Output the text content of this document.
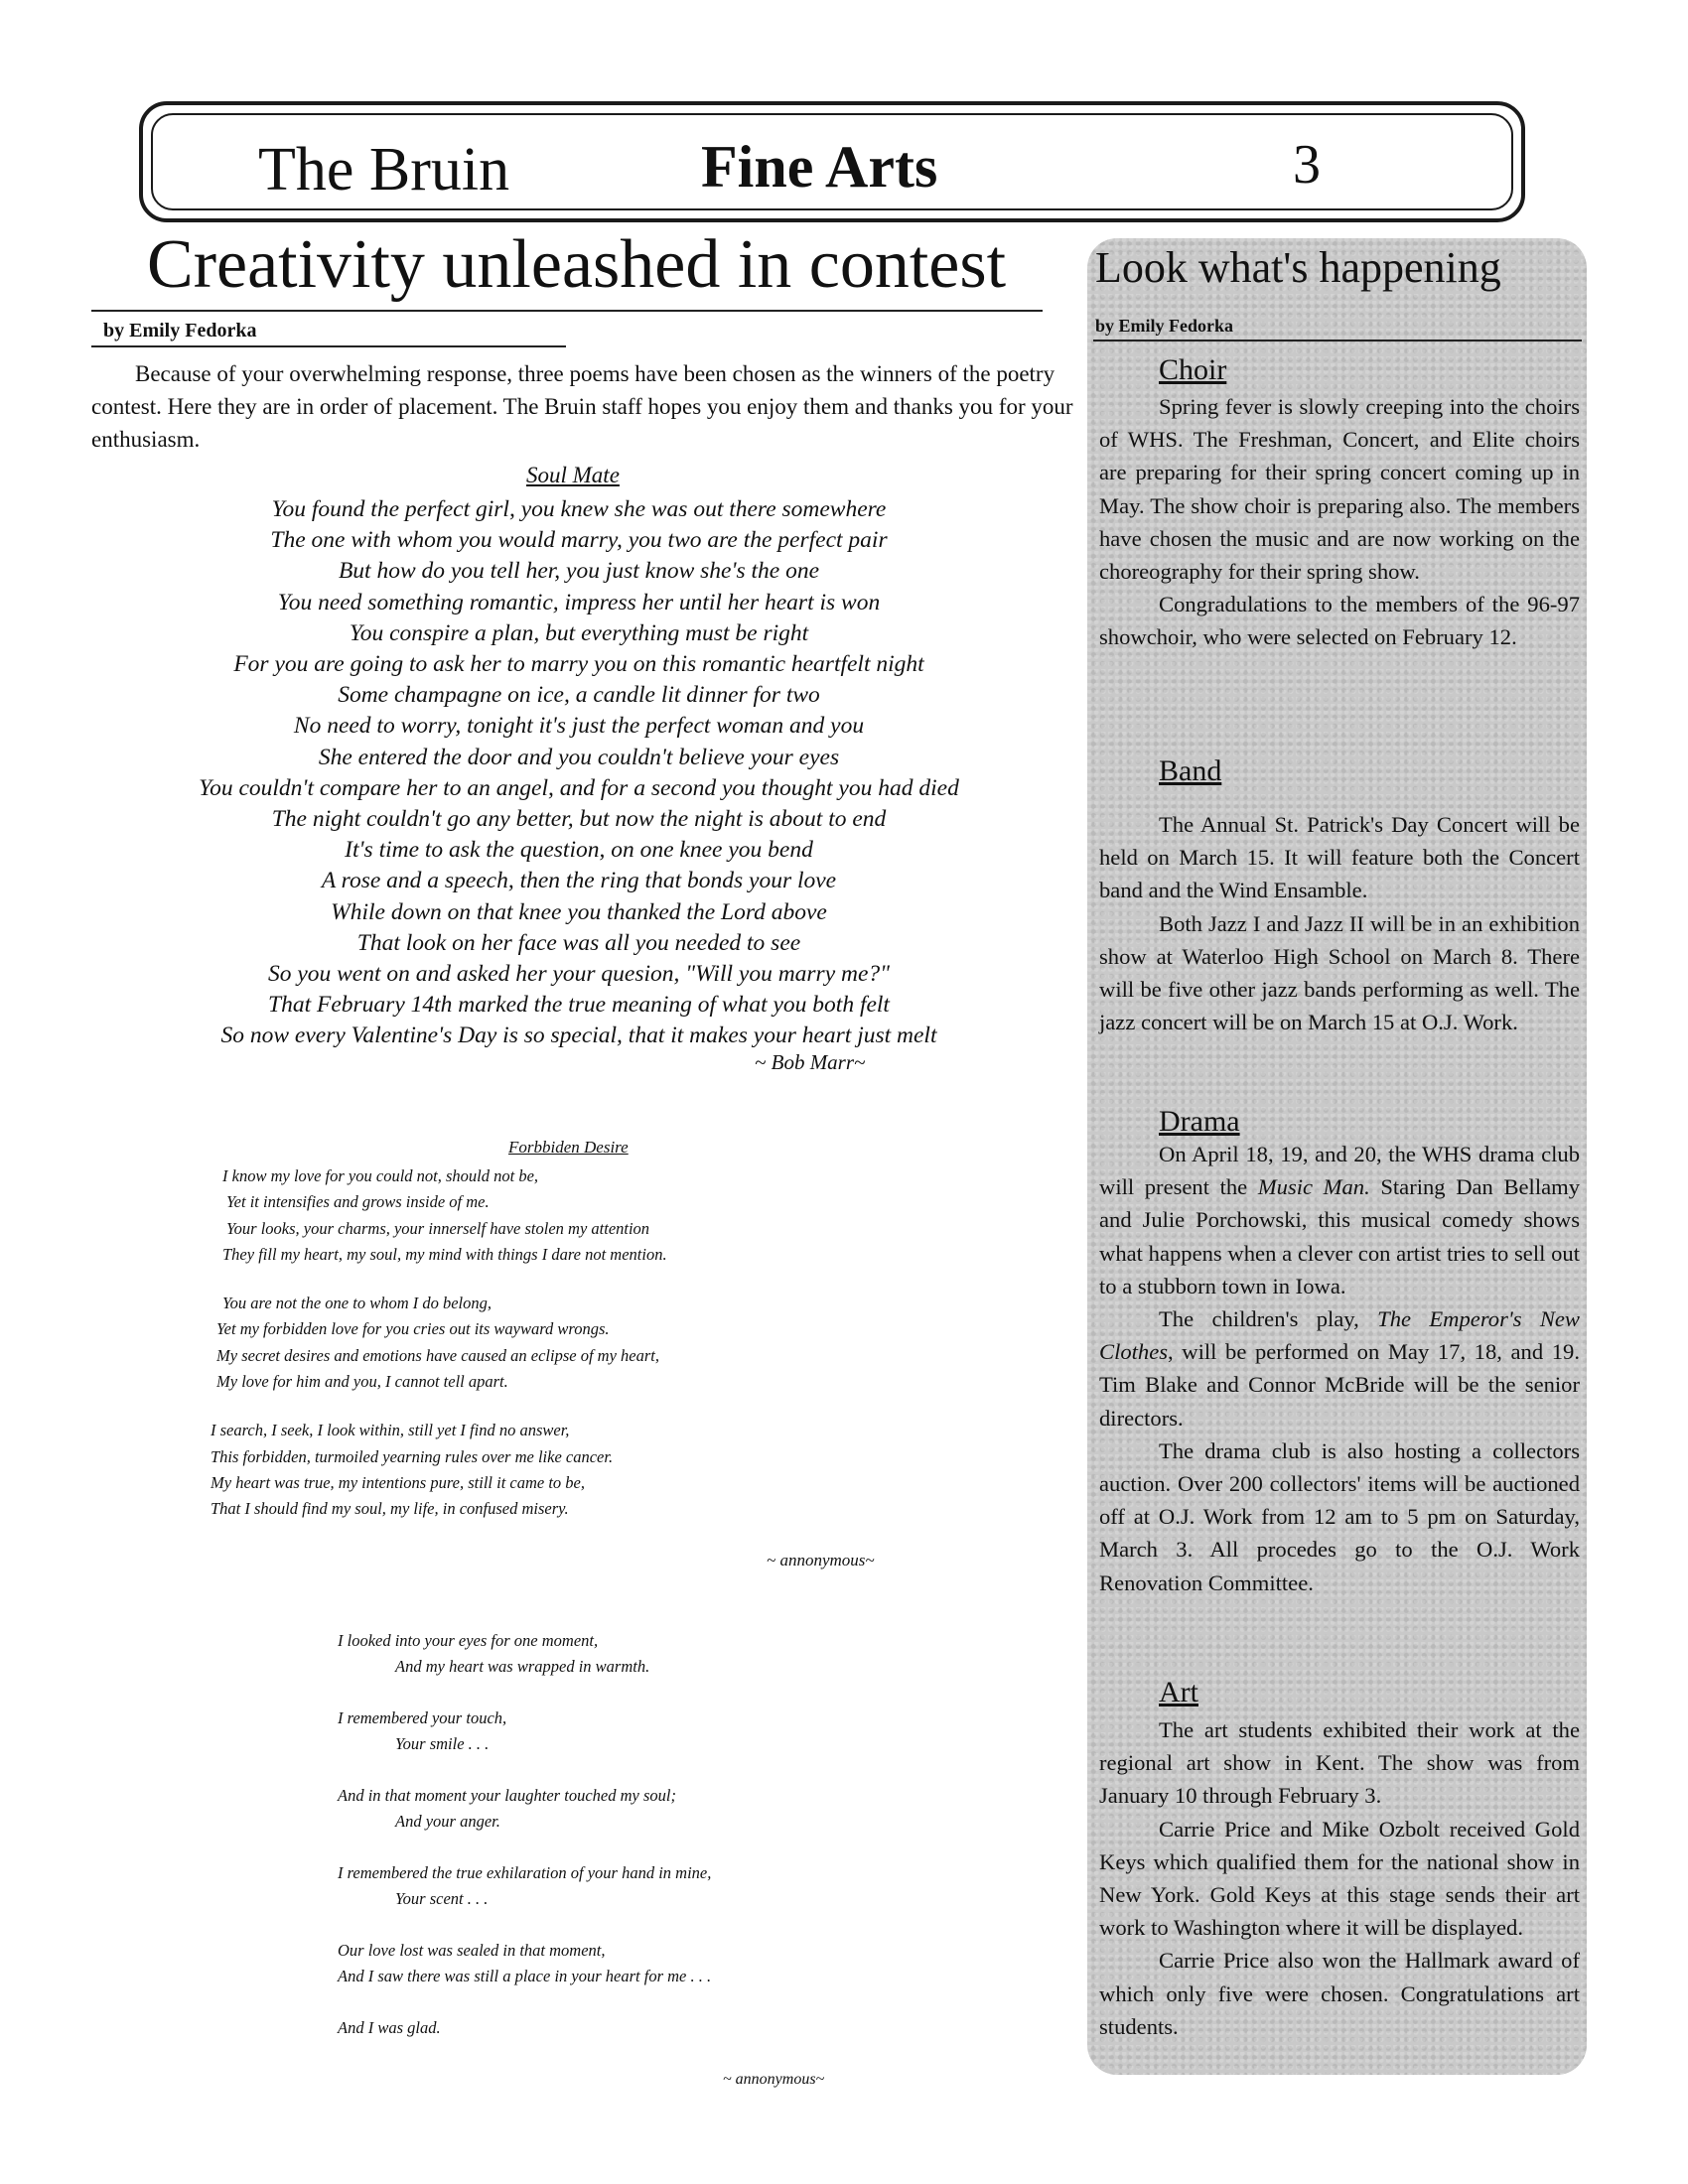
The Bruin	Fine Arts	3
Creativity unleashed in contest
by Emily Fedorka

Because of your overwhelming response, three poems have been chosen as the winners of the poetry contest. Here they are in order of placement. The Bruin staff hopes you enjoy them and thanks you for your enthusiasm.

Soul Mate
You found the perfect girl, you knew she was out there somewhere
The one with whom you would marry, you two are the perfect pair
But how do you tell her, you just know she's the one
You need something romantic, impress her until her heart is won
You conspire a plan, but everything must be right
For you are going to ask her to marry you on this romantic heartfelt night
Some champagne on ice, a candle lit dinner for two
No need to worry, tonight it's just the perfect woman and you
She entered the door and you couldn't believe your eyes
You couldn't compare her to an angel, and for a second you thought you had died
The night couldn't go any better, but now the night is about to end
It's time to ask the question, on one knee you bend
A rose and a speech, then the ring that bonds your love
While down on that knee you thanked the Lord above
That look on her face was all you needed to see
So you went on and asked her your quesion, "Will you marry me?"
That February 14th marked the true meaning of what you both felt
So now every Valentine's Day is so special, that it makes your heart just melt
~ Bob Marr~
Forbbiden Desire
I know my love for you could not, should not be,
Yet it intensifies and grows inside of me.
Your looks, your charms, your innerself have stolen my attention
They fill my heart, my soul, my mind with things I dare not mention.
You are not the one to whom I do belong,
Yet my forbidden love for you cries out its wayward wrongs.
My secret desires and emotions have caused an eclipse of my heart,
My love for him and you, I cannot tell apart.
I search, I seek, I look within, still yet I find no answer,
This forbidden, turmoiled yearning rules over me like cancer.
My heart was true, my intentions pure, still it came to be,
That I should find my soul, my life, in confused misery.
~ annonymous~
I looked into your eyes for one moment,
And my heart was wrapped in warmth.
I remembered your touch,
Your smile . . .
And in that moment your laughter touched my soul;
And your anger.
I remembered the true exhilaration of your hand in mine,
Your scent . . .
Our love lost was sealed in that moment,
And I saw there was still a place in your heart for me . . .
And I was glad.
~ annonymous~
Look what's happening
by Emily Fedorka
Choir

Spring fever is slowly creeping into the choirs of WHS. The Freshman, Concert, and Elite choirs are preparing for their spring concert coming up in May. The show choir is preparing also. The members have chosen the music and are now working on the choreography for their spring show.

Congradulations to the members of the 96-97 showchoir, who were selected on February 12.

Band

The Annual St. Patrick's Day Concert will be held on March 15. It will feature both the Concert band and the Wind Ensamble.

Both Jazz I and Jazz II will be in an exhibition show at Waterloo High School on March 8. There will be five other jazz bands performing as well. The jazz concert will be on March 15 at O.J. Work.

Drama

On April 18, 19, and 20, the WHS drama club will present the Music Man. Staring Dan Bellamy and Julie Porchowski, this musical comedy shows what happens when a clever con artist tries to sell out to a stubborn town in Iowa.

The children's play, The Emperor's New Clothes, will be performed on May 17, 18, and 19. Tim Blake and Connor McBride will be the senior directors.

The drama club is also hosting a collectors auction. Over 200 collectors' items will be auctioned off at O.J. Work from 12 am to 5 pm on Saturday, March 3. All procedes go to the O.J. Work Renovation Committee.

Art

The art students exhibited their work at the regional art show in Kent. The show was from January 10 through February 3.

Carrie Price and Mike Ozbolt received Gold Keys which qualified them for the national show in New York. Gold Keys at this stage sends their art work to Washington where it will be displayed.

Carrie Price also won the Hallmark award of which only five were chosen. Congratulations art students.
